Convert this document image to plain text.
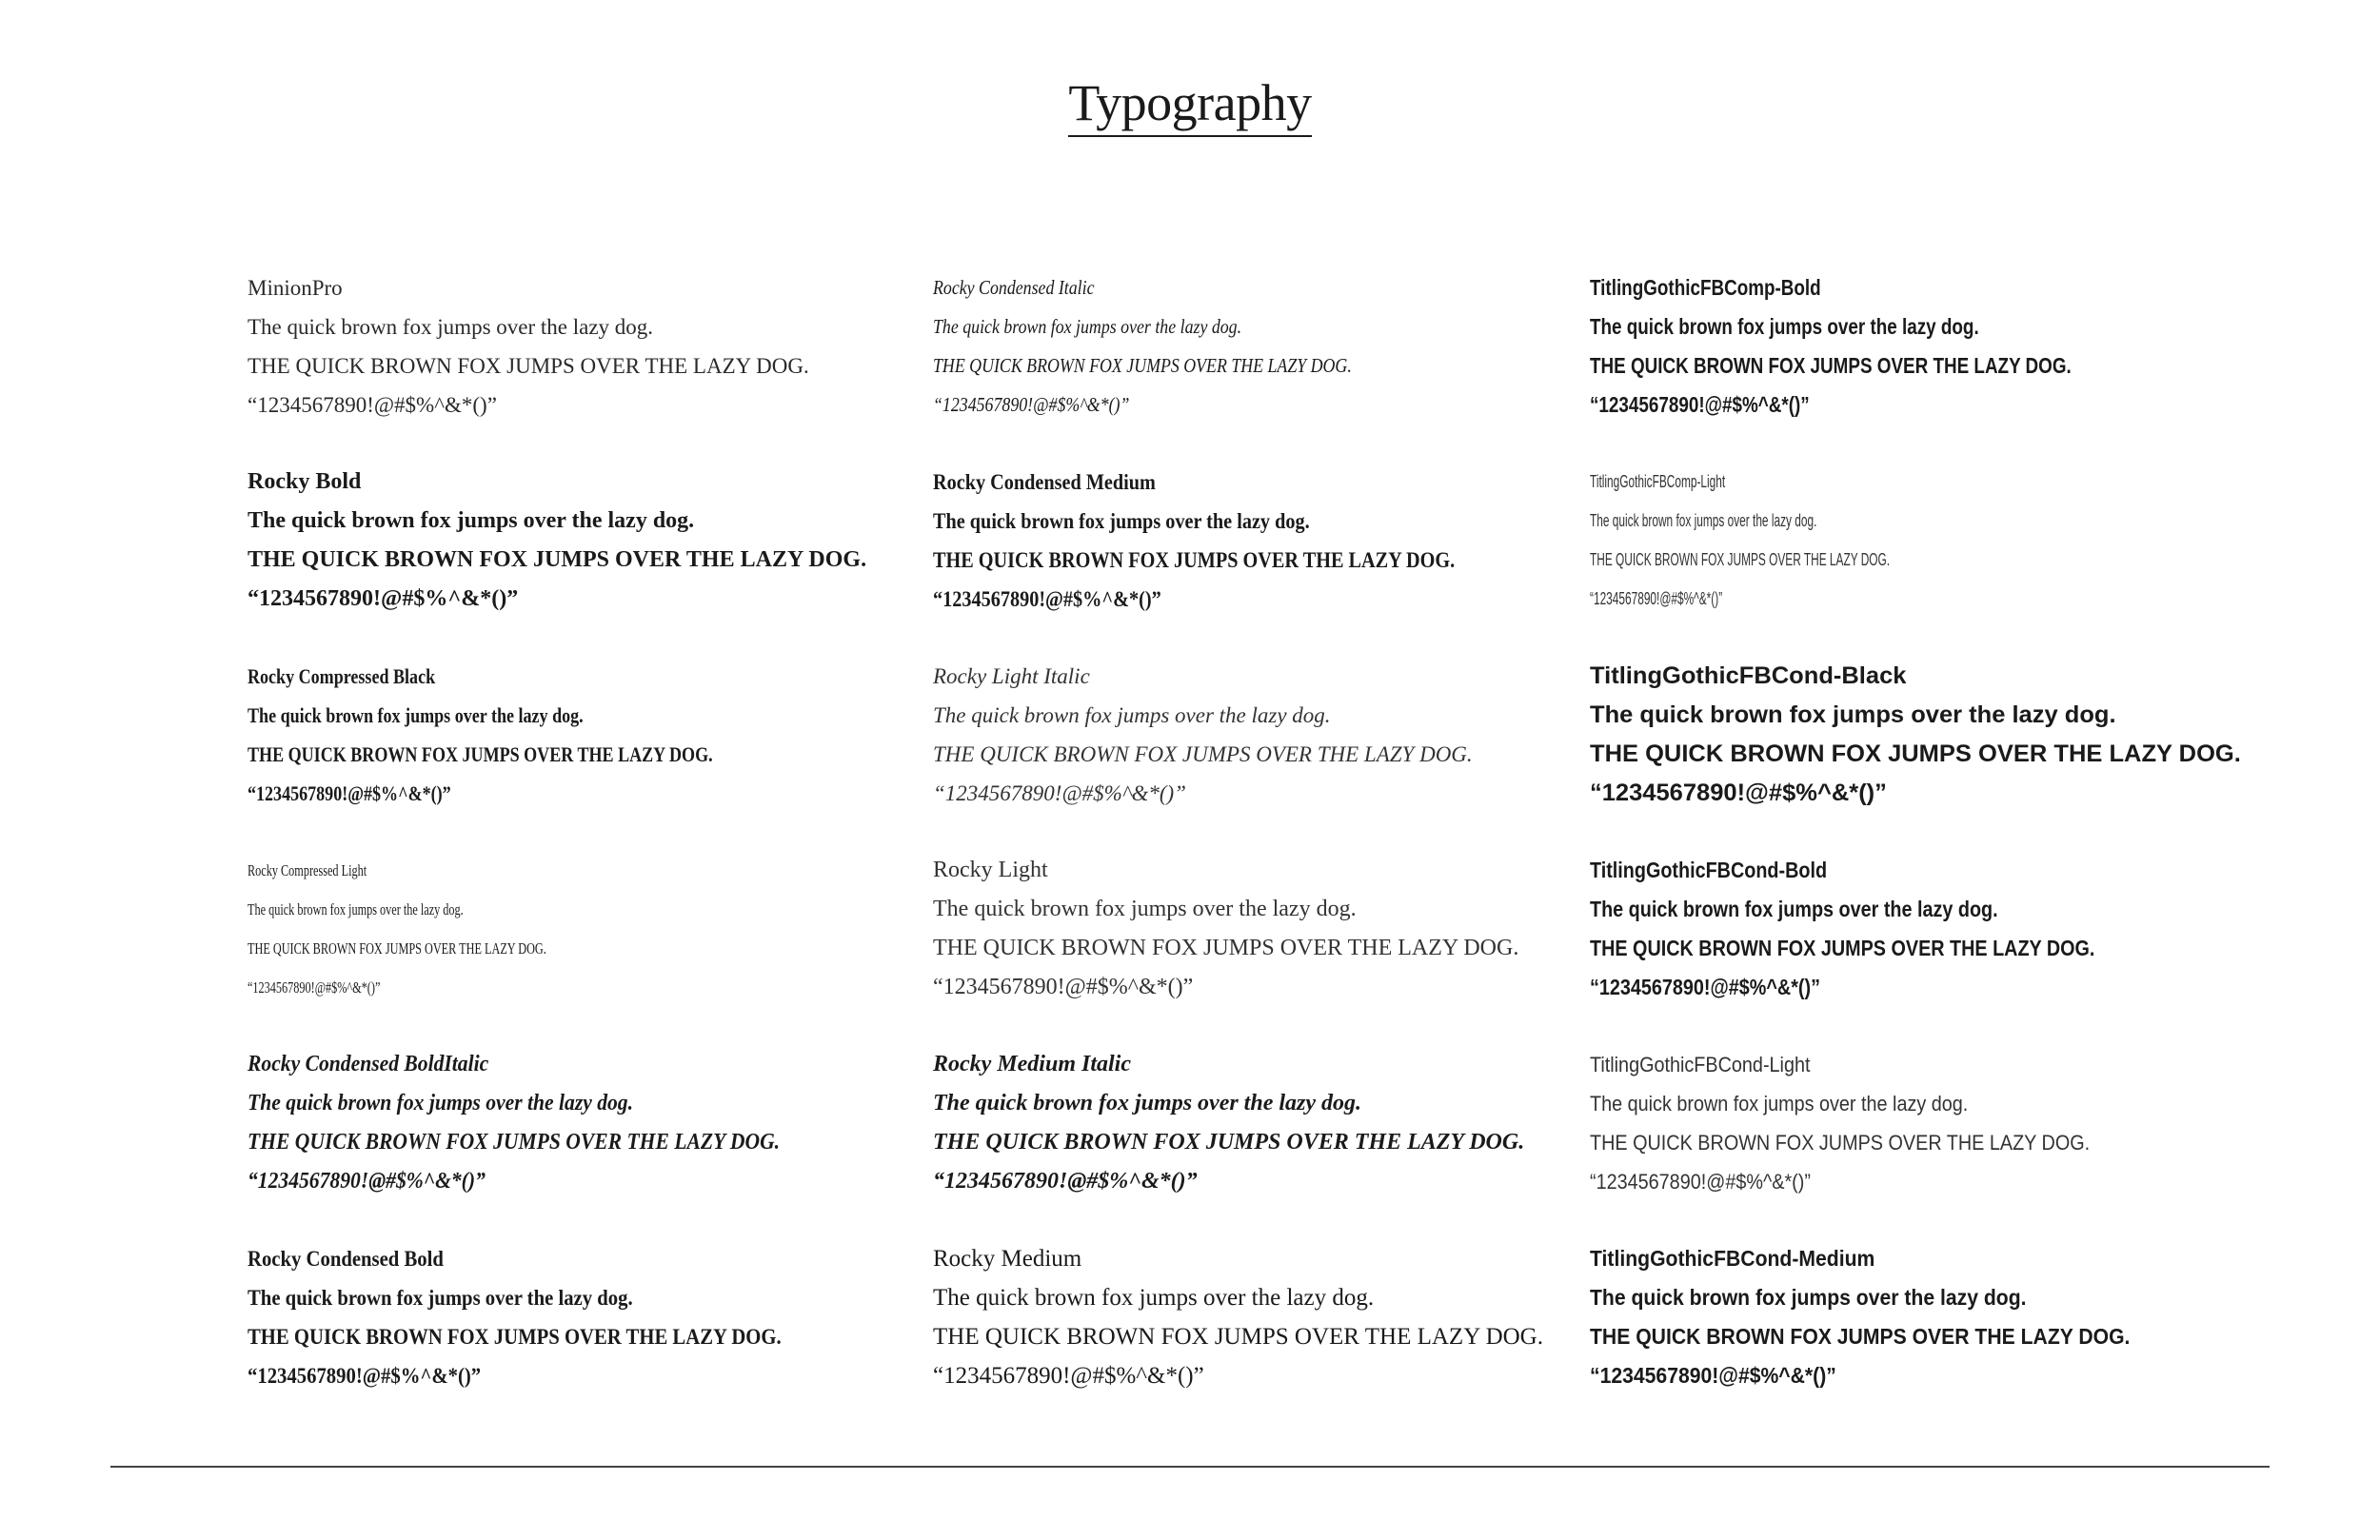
Typography
MinionPro
The quick brown fox jumps over the lazy dog.
THE QUICK BROWN FOX JUMPS OVER THE LAZY DOG.
“1234567890!@#$%^&*()”
Rocky Bold
The quick brown fox jumps over the lazy dog.
THE QUICK BROWN FOX JUMPS OVER THE LAZY DOG.
“1234567890!@#$%^&*()”
Rocky Compressed Black
The quick brown fox jumps over the lazy dog.
THE QUICK BROWN FOX JUMPS OVER THE LAZY DOG.
“1234567890!@#$%^&*()”
Rocky Compressed Light
The quick brown fox jumps over the lazy dog.
THE QUICK BROWN FOX JUMPS OVER THE LAZY DOG.
“1234567890!@#$%^&*()”
Rocky Condensed BoldItalic
The quick brown fox jumps over the lazy dog.
THE QUICK BROWN FOX JUMPS OVER THE LAZY DOG.
“1234567890!@#$%^&*()”
Rocky Condensed Bold
The quick brown fox jumps over the lazy dog.
THE QUICK BROWN FOX JUMPS OVER THE LAZY DOG.
“1234567890!@#$%^&*()”
Rocky Condensed Italic
The quick brown fox jumps over the lazy dog.
THE QUICK BROWN FOX JUMPS OVER THE LAZY DOG.
“1234567890!@#$%^&*()”
Rocky Condensed Medium
The quick brown fox jumps over the lazy dog.
THE QUICK BROWN FOX JUMPS OVER THE LAZY DOG.
“1234567890!@#$%^&*()”
Rocky Light Italic
The quick brown fox jumps over the lazy dog.
THE QUICK BROWN FOX JUMPS OVER THE LAZY DOG.
“1234567890!@#$%^&*()”
Rocky Light
The quick brown fox jumps over the lazy dog.
THE QUICK BROWN FOX JUMPS OVER THE LAZY DOG.
“1234567890!@#$%^&*()”
Rocky Medium Italic
The quick brown fox jumps over the lazy dog.
THE QUICK BROWN FOX JUMPS OVER THE LAZY DOG.
“1234567890!@#$%^&*()”
Rocky Medium
The quick brown fox jumps over the lazy dog.
THE QUICK BROWN FOX JUMPS OVER THE LAZY DOG.
“1234567890!@#$%^&*()”
TitlingGothicFBComp-Bold
The quick brown fox jumps over the lazy dog.
THE QUICK BROWN FOX JUMPS OVER THE LAZY DOG.
“1234567890!@#$%^&*()”
TitlingGothicFBComp-Light
The quick brown fox jumps over the lazy dog.
THE QUICK BROWN FOX JUMPS OVER THE LAZY DOG.
“1234567890!@#$%^&*()”
TitlingGothicFBCond-Black
The quick brown fox jumps over the lazy dog.
THE QUICK BROWN FOX JUMPS OVER THE LAZY DOG.
“1234567890!@#$%^&*()”
TitlingGothicFBCond-Bold
The quick brown fox jumps over the lazy dog.
THE QUICK BROWN FOX JUMPS OVER THE LAZY DOG.
“1234567890!@#$%^&*()”
TitlingGothicFBCond-Light
The quick brown fox jumps over the lazy dog.
THE QUICK BROWN FOX JUMPS OVER THE LAZY DOG.
“1234567890!@#$%^&*()”
TitlingGothicFBCond-Medium
The quick brown fox jumps over the lazy dog.
THE QUICK BROWN FOX JUMPS OVER THE LAZY DOG.
“1234567890!@#$%^&*()”
